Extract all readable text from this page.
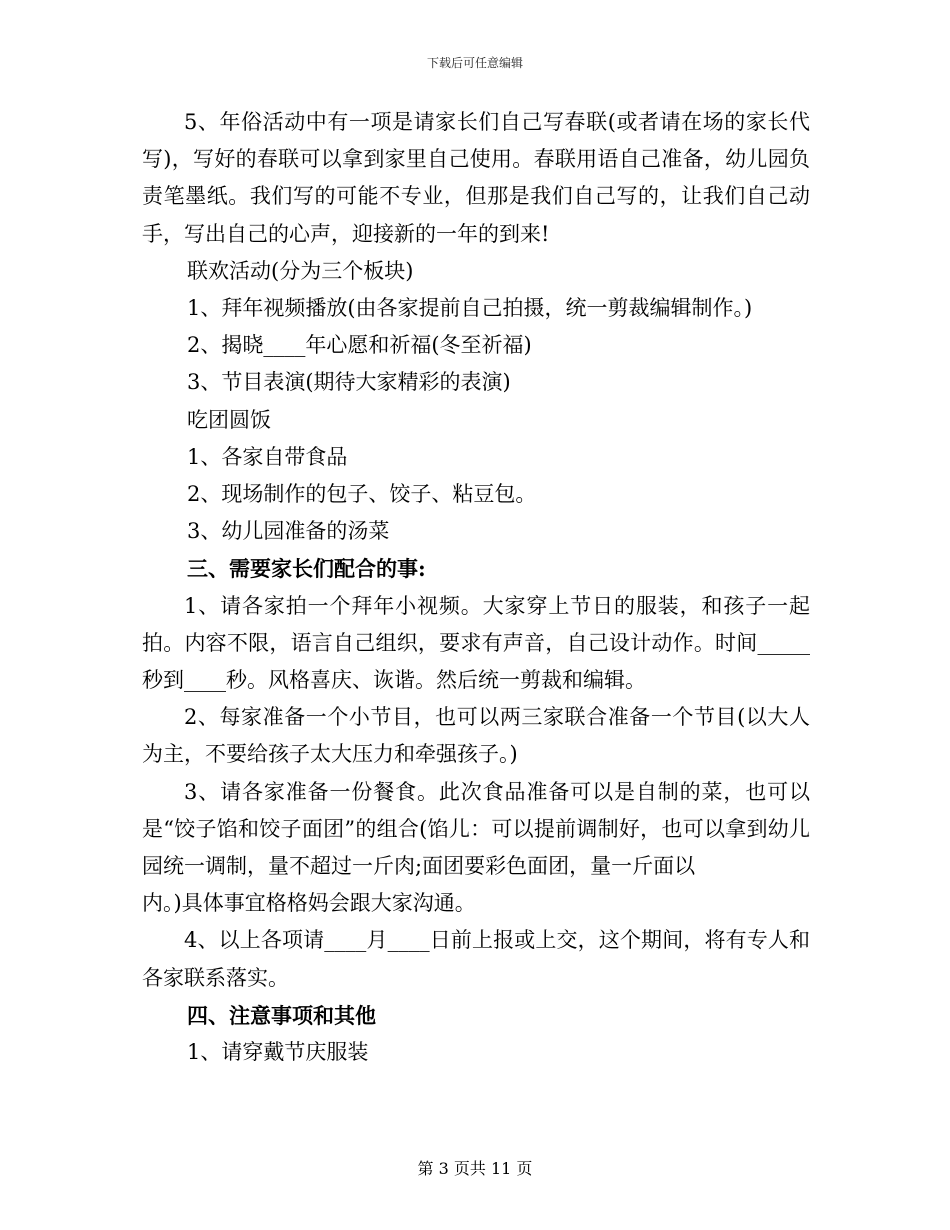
下载后可任意编辑

5、年俗活动中有一项是请家长们自己写春联(或者请在场的家长代写)，写好的春联可以拿到家里自己使用。春联用语自己准备，幼儿园负责笔墨纸。我们写的可能不专业，但那是我们自己写的，让我们自己动手，写出自己的心声，迎接新的一年的到来!

联欢活动(分为三个板块)

1、拜年视频播放(由各家提前自己拍摄，统一剪裁编辑制作。)

2、揭晓____年心愿和祈福(冬至祈福)

3、节目表演(期待大家精彩的表演)

吃团圆饭

1、各家自带食品

2、现场制作的包子、饺子、粘豆包。

3、幼儿园准备的汤菜

三、需要家长们配合的事:

1、请各家拍一个拜年小视频。大家穿上节日的服装，和孩子一起拍。内容不限，语言自己组织，要求有声音，自己设计动作。时间_____秒到____秒。风格喜庆、诙谐。然后统一剪裁和编辑。

2、每家准备一个小节目，也可以两三家联合准备一个节目(以大人为主，不要给孩子太大压力和牵强孩子。)

3、请各家准备一份餐食。此次食品准备可以是自制的菜，也可以是“饺子馅和饺子面团”的组合(馅儿：可以提前调制好，也可以拿到幼儿园统一调制，量不超过一斤肉;面团要彩色面团，量一斤面以

内。)具体事宜格格妈会跟大家沟通。

4、以上各项请____月____日前上报或上交，这个期间，将有专人和各家联系落实。

四、注意事项和其他

1、请穿戴节庆服装

第 3 页共 11 页
